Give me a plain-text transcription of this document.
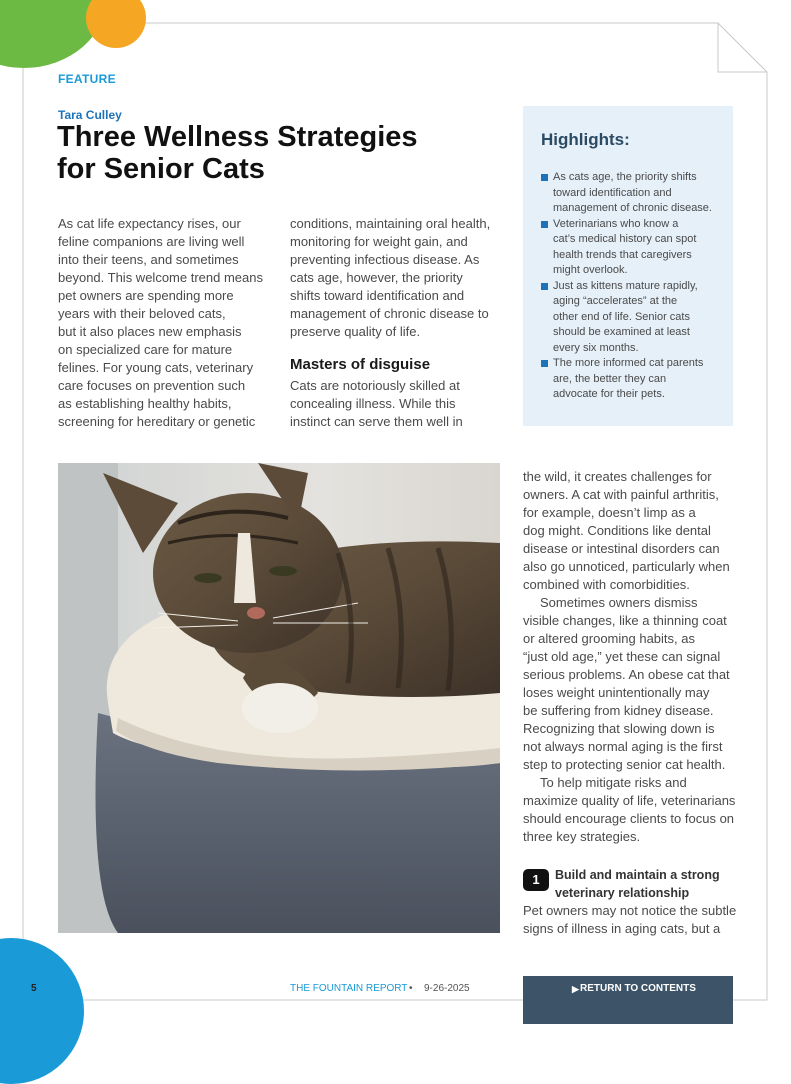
FEATURE
Tara Culley
Three Wellness Strategies
for Senior Cats
As cat life expectancy rises, our
feline companions are living well
into their teens, and sometimes
beyond. This welcome trend means
pet owners are spending more
years with their beloved cats,
but it also places new emphasis
on specialized care for mature
felines. For young cats, veterinary
care focuses on prevention such
as establishing healthy habits,
screening for hereditary or genetic
conditions, maintaining oral health,
monitoring for weight gain, and
preventing infectious disease. As
cats age, however, the priority
shifts toward identification and
management of chronic disease to
preserve quality of life.
Masters of disguise
Cats are notoriously skilled at
concealing illness. While this
instinct can serve them well in
Highlights:
As cats age, the priority shifts
toward identification and
management of chronic disease.
Veterinarians who know a
cat’s medical history can spot
health trends that caregivers
might overlook.
Just as kittens mature rapidly,
aging “accelerates” at the
other end of life. Senior cats
should be examined at least
every six months.
The more informed cat parents
are, the better they can
advocate for their pets.
the wild, it creates challenges for
owners. A cat with painful arthritis,
for example, doesn’t limp as a
dog might. Conditions like dental
disease or intestinal disorders can
also go unnoticed, particularly when
combined with comorbidities.
Sometimes owners dismiss
visible changes, like a thinning coat
or altered grooming habits, as
“just old age,” yet these can signal
serious problems. An obese cat that
loses weight unintentionally may
be suffering from kidney disease.
Recognizing that slowing down is
not always normal aging is the first
step to protecting senior cat health.
To help mitigate risks and
maximize quality of life, veterinarians
should encourage clients to focus on
three key strategies.
1	Build and maintain a strong
veterinary relationship
Pet owners may not notice the subtle
signs of illness in aging cats, but a
5	THE FOUNTAIN REPORT • 9-26-2025	▶ RETURN TO CONTENTS
